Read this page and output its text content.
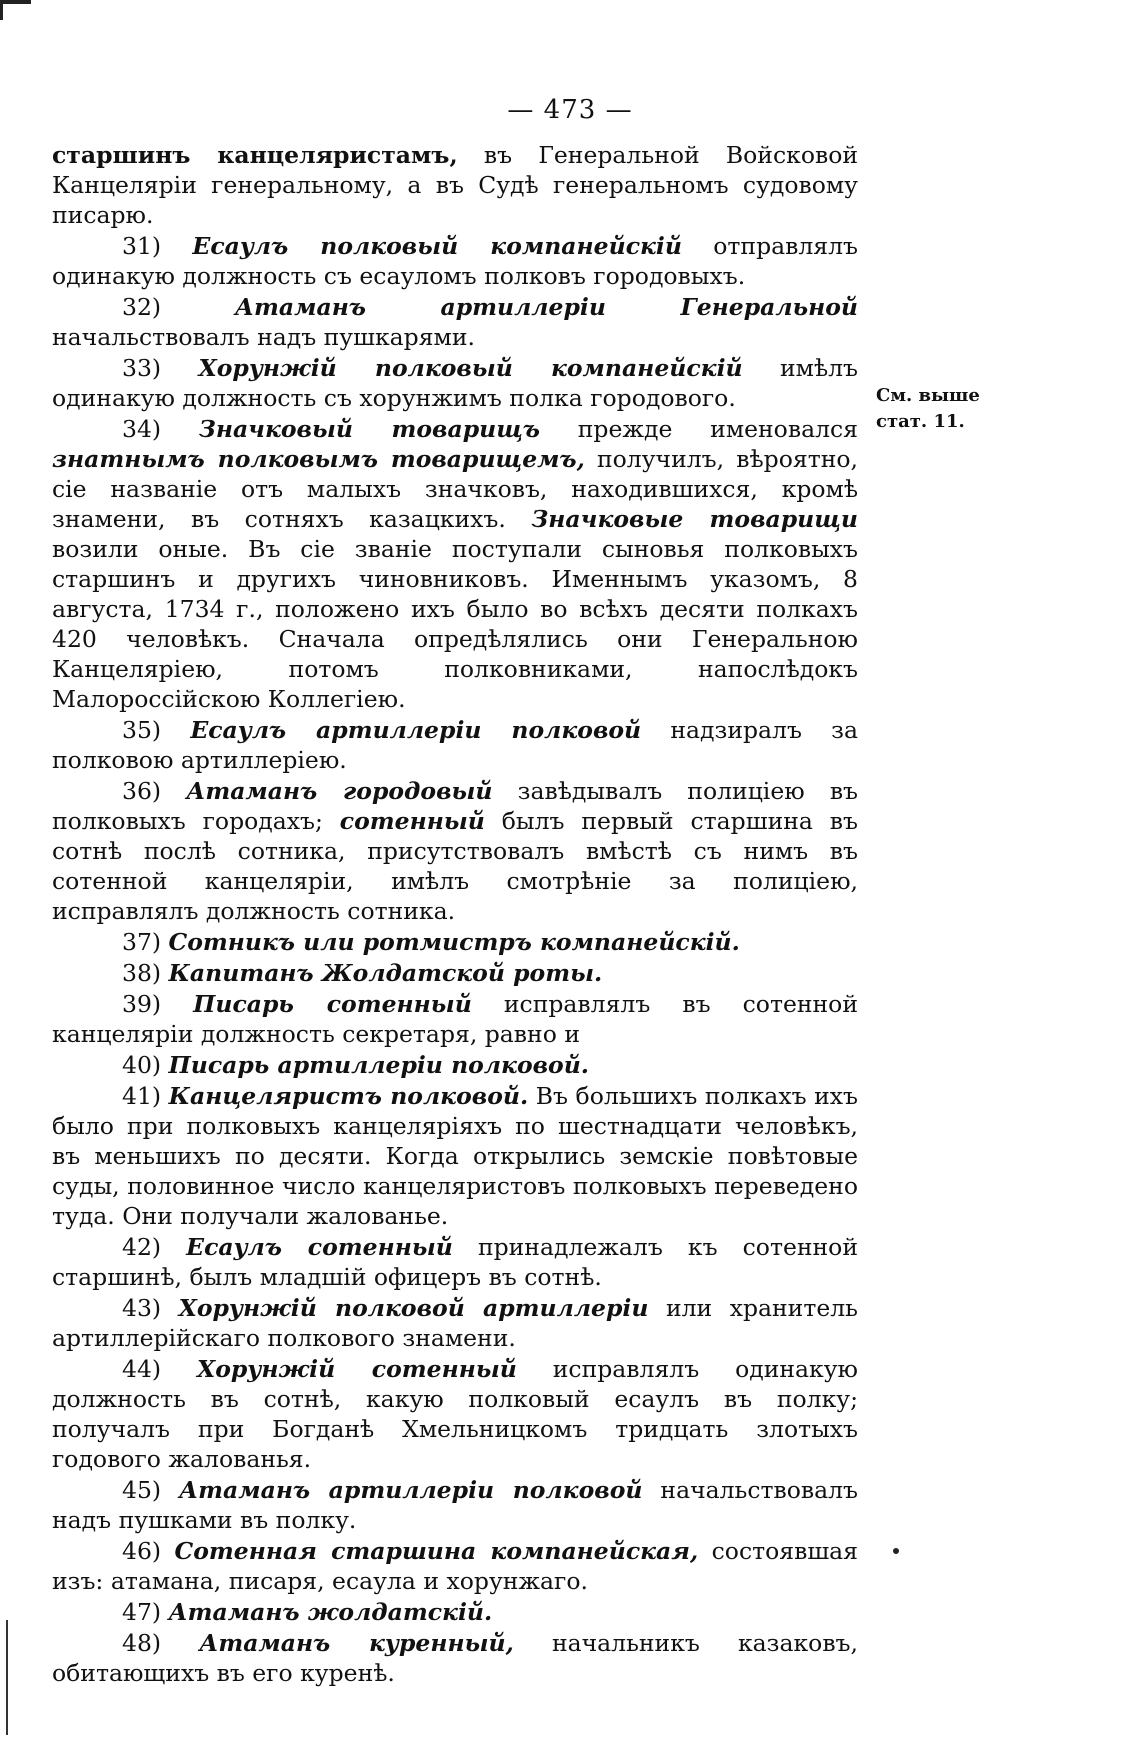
— 473 —
См. выше
стат. 11.

старшинъ канцеляристамъ, въ Генеральной Войсковой Канцеляріи генеральному, а въ Судѣ генеральномъ судовому писарю.

31) Есаулъ полковый компанейскій отправлялъ одинакую должность съ есауломъ полковъ городовыхъ.

32) Атаманъ артиллеріи Генеральной начальствовалъ надъ пушкарями.

33) Хорунжій полковый компанейскій имѣлъ одинакую должность съ хорунжимъ полка городового.

34) Значковый товарищъ прежде именовался знатнымъ полковымъ товарищемъ, получилъ, вѣроятно, сіе названіе отъ малыхъ значковъ, находившихся, кромѣ знамени, въ сотняхъ казацкихъ. Значковые товарищи возили оные. Въ сіе званіе поступали сыновья полковыхъ старшинъ и другихъ чиновниковъ. Именнымъ указомъ, 8 августа, 1734 г., положено ихъ было во всѣхъ десяти полкахъ 420 человѣкъ. Сначала опредѣлялись они Генеральною Канцеляріею, потомъ полковниками, напослѣдокъ Малороссійскою Коллегіею.

35) Есаулъ артиллеріи полковой надзиралъ за полковою артиллеріею.

36) Атаманъ городовый завѣдывалъ полиціею въ полковыхъ городахъ; сотенный былъ первый старшина въ сотнѣ послѣ сотника, присутствовалъ вмѣстѣ съ нимъ въ сотенной канцеляріи, имѣлъ смотрѣніе за полиціею, исправлялъ должность сотника.

37) Сотникъ или ротмистръ компанейскій.

38) Капитанъ Жолдатской роты.

39) Писарь сотенный исправлялъ въ сотенной канцеляріи должность секретаря, равно и

40) Писарь артиллеріи полковой.

41) Канцеляристъ полковой. Въ большихъ полкахъ ихъ было при полковыхъ канцеляріяхъ по шестнадцати человѣкъ, въ меньшихъ по десяти. Когда открылись земскіе повѣтовые суды, половинное число канцеляристовъ полковыхъ переведено туда. Они получали жалованье.

42) Есаулъ сотенный принадлежалъ къ сотенной старшинѣ, былъ младшій офицеръ въ сотнѣ.

43) Хорунжій полковой артиллеріи или хранитель артиллерійскаго полкового знамени.

44) Хорунжій сотенный исправлялъ одинакую должность въ сотнѣ, какую полковый есаулъ въ полку; получалъ при Богданѣ Хмельницкомъ тридцать злотыхъ годового жалованья.

45) Атаманъ артиллеріи полковой начальствовалъ надъ пушками въ полку.

46) Сотенная старшина компанейская, состоявшая изъ: атамана, писаря, есаула и хорунжаго.

47) Атаманъ жолдатскій.

48) Атаманъ куренный, начальникъ казаковъ, обитающихъ въ его куренѣ.
